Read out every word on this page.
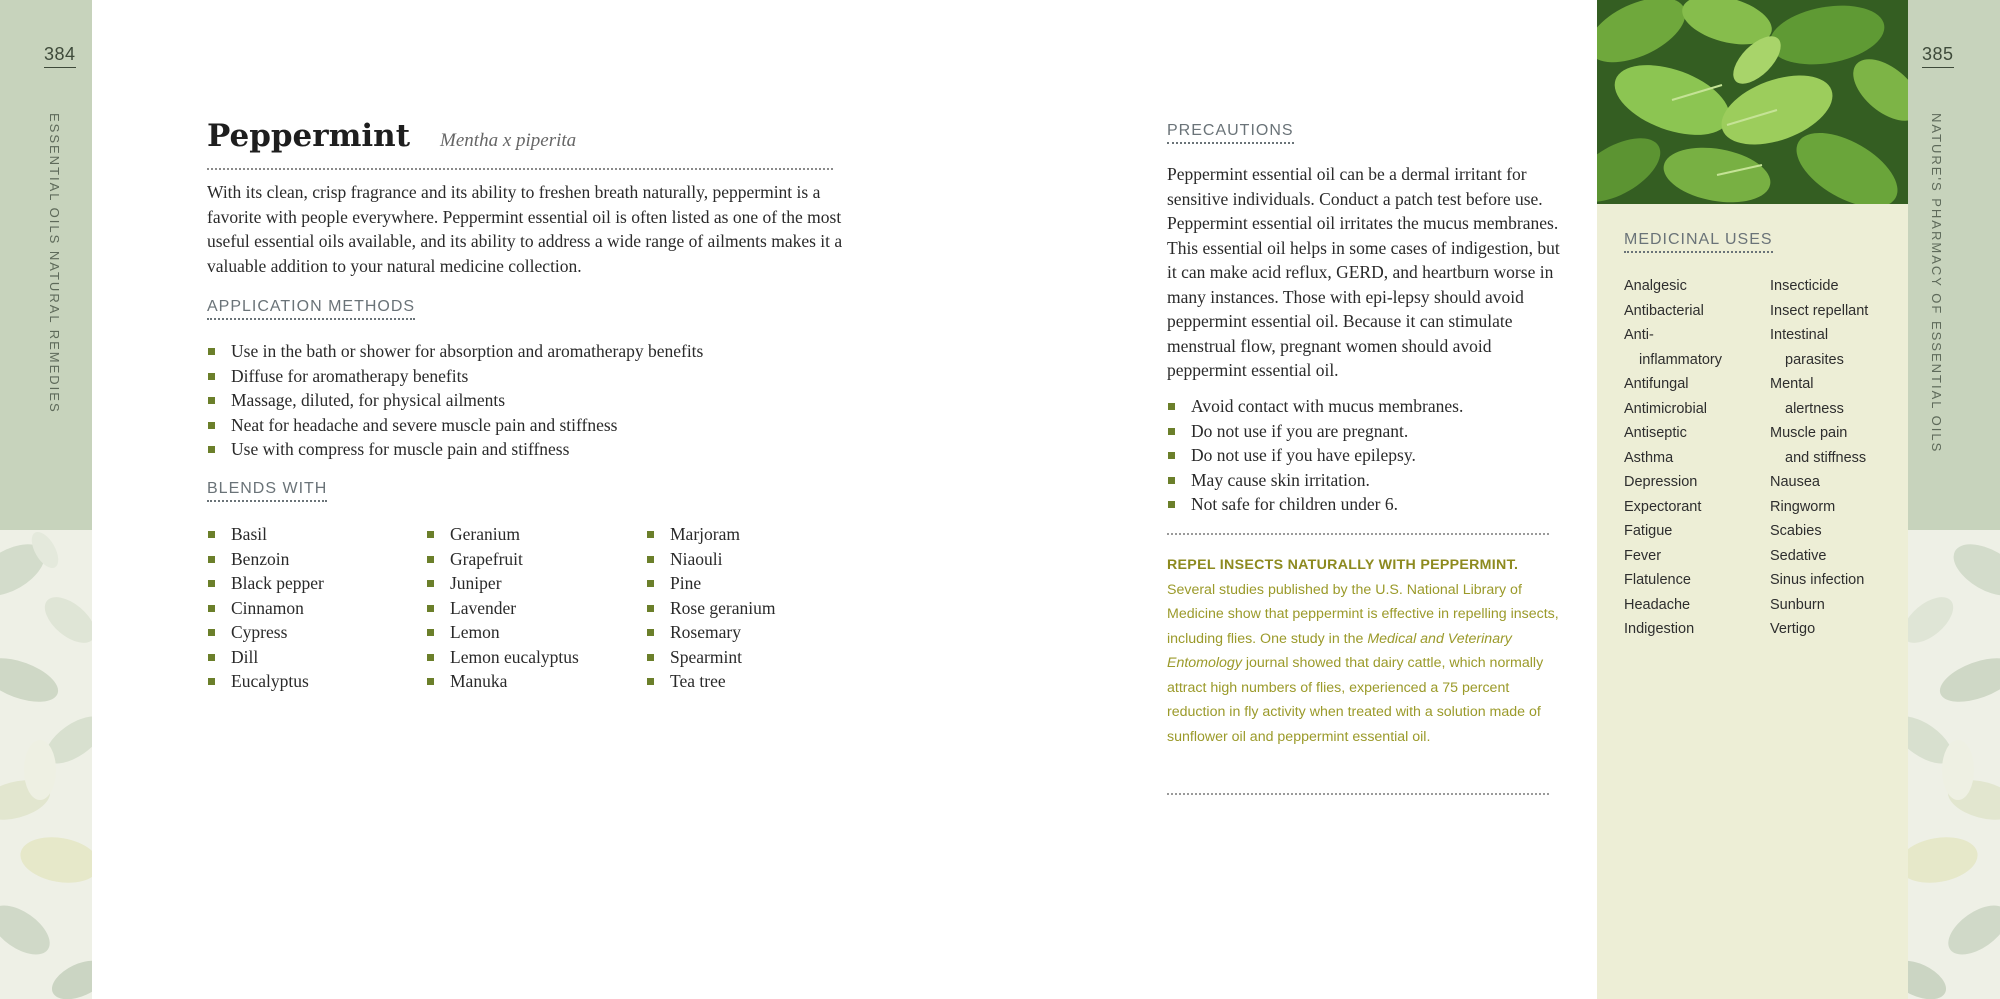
384
ESSENTIAL OILS NATURAL REMEDIES
385
NATURE'S PHARMACY OF ESSENTIAL OILS
Peppermint Mentha x piperita

With its clean, crisp fragrance and its ability to freshen breath naturally, peppermint is a favorite with people everywhere. Peppermint essential oil is often listed as one of the most useful essential oils available, and its ability to address a wide range of ailments makes it a valuable addition to your natural medicine collection.

APPLICATION METHODS
Use in the bath or shower for absorption and aromatherapy benefits
Diffuse for aromatherapy benefits
Massage, diluted, for physical ailments
Neat for headache and severe muscle pain and stiffness
Use with compress for muscle pain and stiffness
BLENDS WITH
Basil
Benzoin
Black pepper
Cinnamon
Cypress
Dill
Eucalyptus
Geranium
Grapefruit
Juniper
Lavender
Lemon
Lemon eucalyptus
Manuka
Marjoram
Niaouli
Pine
Rose geranium
Rosemary
Spearmint
Tea tree
PRECAUTIONS

Peppermint essential oil can be a dermal irritant for sensitive individuals. Conduct a patch test before use. Peppermint essential oil irritates the mucus membranes. This essential oil helps in some cases of indigestion, but it can make acid reflux, GERD, and heartburn worse in many instances. Those with epi-lepsy should avoid peppermint essential oil. Because it can stimulate menstrual flow, pregnant women should avoid peppermint essential oil.

Avoid contact with mucus membranes.
Do not use if you are pregnant.
Do not use if you have epilepsy.
May cause skin irritation.
Not safe for children under 6.
REPEL INSECTS NATURALLY WITH PEPPERMINT.
Several studies published by the U.S. National Library of Medicine show that peppermint is effective in repelling insects, including flies. One study in the Medical and Veterinary Entomology journal showed that dairy cattle, which normally attract high numbers of flies, experienced a 75 percent reduction in fly activity when treated with a solution made of sunflower oil and peppermint essential oil.
MEDICINAL USES
Analgesic
Antibacterial
Anti-
inflammatory
Antifungal
Antimicrobial
Antiseptic
Asthma
Depression
Expectorant
Fatigue
Fever
Flatulence
Headache
Indigestion
Insecticide
Insect repellant
Intestinal
parasites
Mental
alertness
Muscle pain
and stiffness
Nausea
Ringworm
Scabies
Sedative
Sinus infection
Sunburn
Vertigo
